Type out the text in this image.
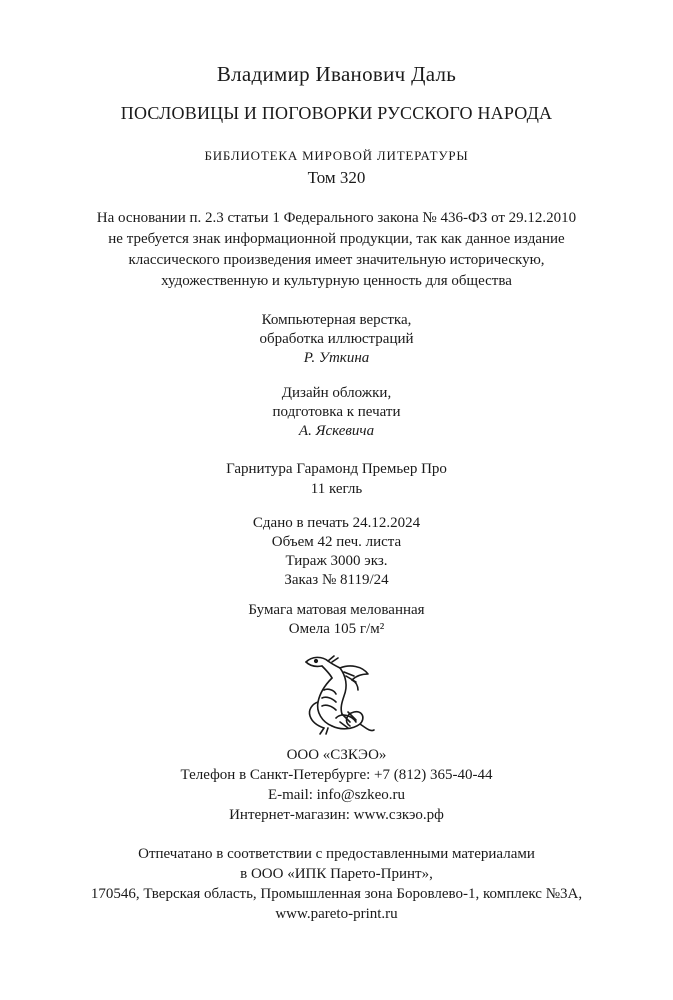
Владимир Иванович Даль
ПОСЛОВИЦЫ И ПОГОВОРКИ РУССКОГО НАРОДА
БИБЛИОТЕКА МИРОВОЙ ЛИТЕРАТУРЫ
Том 320
На основании п. 2.3 статьи 1 Федерального закона № 436-ФЗ от 29.12.2010
не требуется знак информационной продукции, так как данное издание
классического произведения имеет значительную историческую,
художественную и культурную ценность для общества
Компьютерная верстка,
обработка иллюстраций
Р. Уткина
Дизайн обложки,
подготовка к печати
А. Яскевича
Гарнитура Гарамонд Премьер Про
11 кегль
Сдано в печать 24.12.2024
Объем 42 печ. листа
Тираж 3000 экз.
Заказ № 8119/24
Бумага матовая мелованная
Омела 105 г/м²
ООО «СЗКЭО»
Телефон в Санкт-Петербурге: +7 (812) 365-40-44
E-mail: info@szkeo.ru
Интернет-магазин: www.сзкэо.рф
Отпечатано в соответствии с предоставленными материалами
в ООО «ИПК Парето-Принт»,
170546, Тверская область, Промышленная зона Боровлево-1, комплекс №3А,
www.pareto-print.ru
